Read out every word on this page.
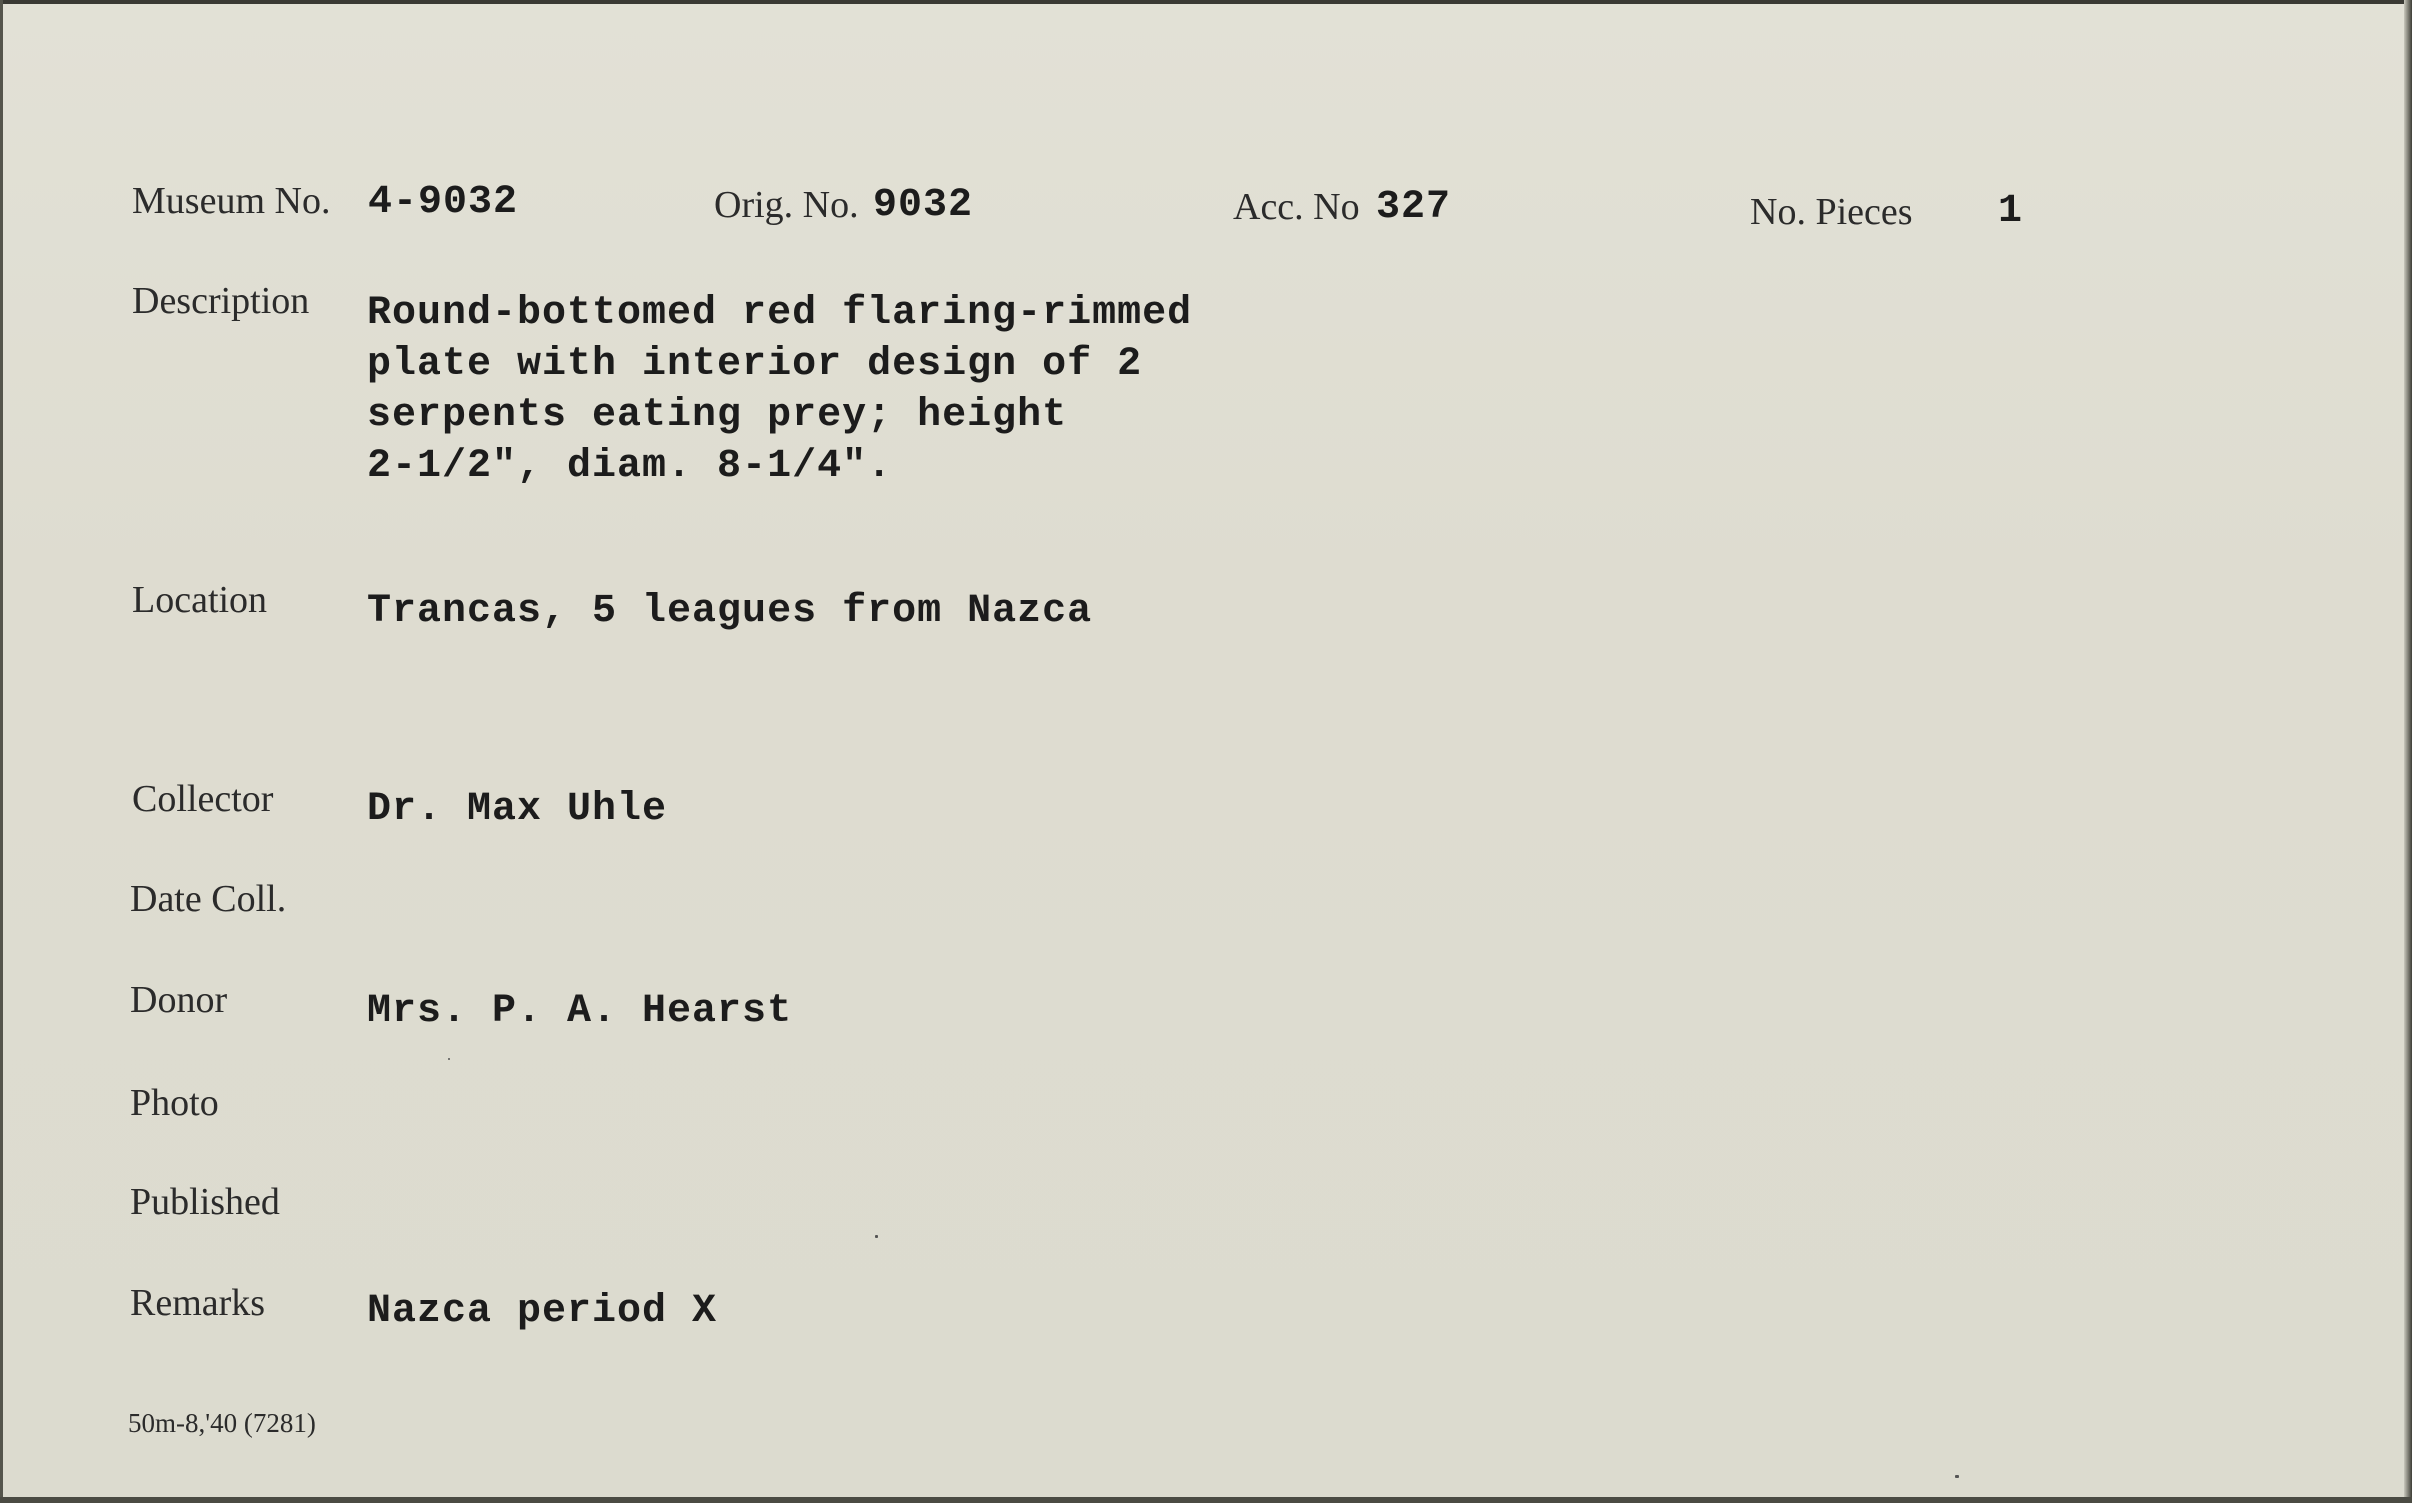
Museum No. 4-9032	Orig. No. 9032	Acc. No 327	No. Pieces 1
Description Round-bottomed red flaring-rimmed
plate with interior design of 2
serpents eating prey; height
2-1/2", diam. 8-1/4".
Location Trancas, 5 leagues from Nazca
Collector Dr. Max Uhle
Date Coll.
Donor	Mrs. P. A. Hearst
Photo
Published
Remarks	Nazca period X
50m-8,'40 (7281)
